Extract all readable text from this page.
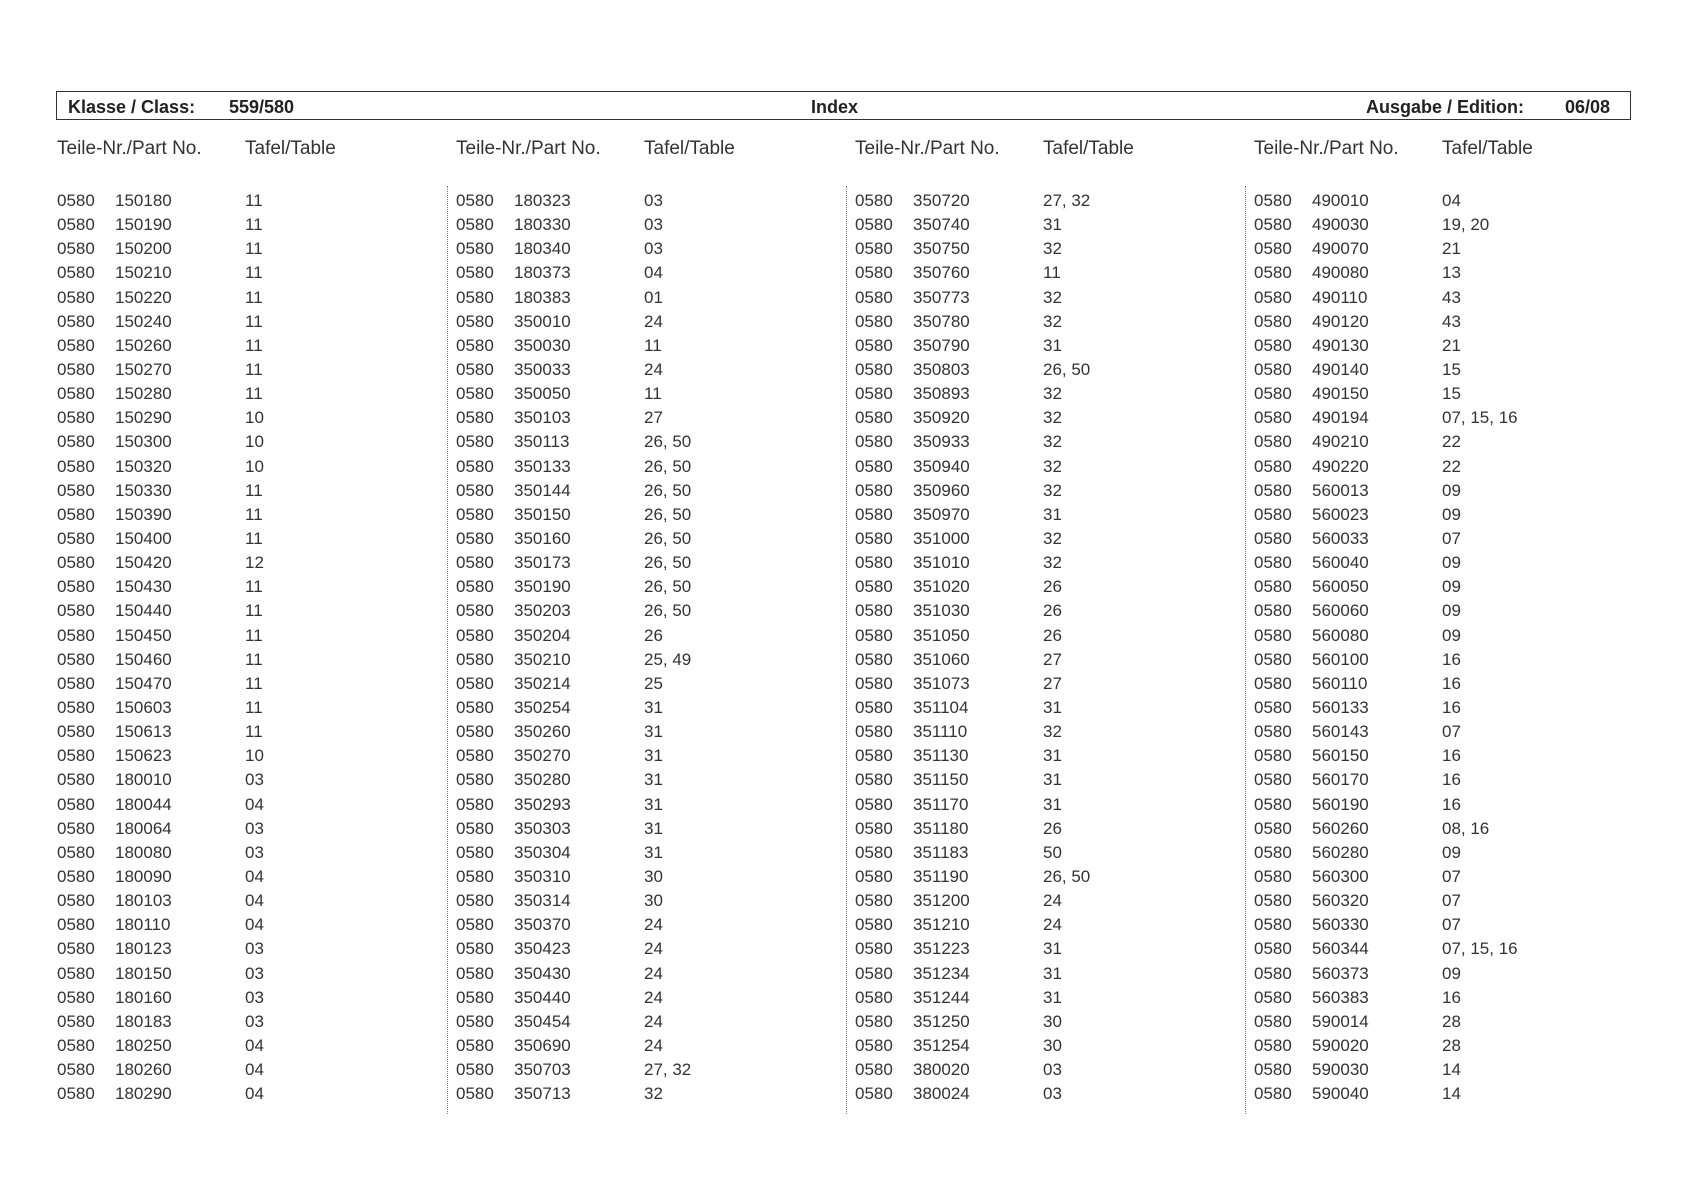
Klasse / Class: 559/580	Index	Ausgabe / Edition: 06/08
Teile-Nr./Part No. Tafel/Table
0580 150180	11
0580 150190	11
0580 150200	11
0580 150210	11
0580 150220	11
0580 150240	11
0580 150260	11
0580 150270	11
0580 150280	11
0580 150290	10
0580 150300	10
0580 150320	10
0580 150330	11
0580 150390	11
0580 150400	11
0580 150420	12
0580 150430	11
0580 150440	11
0580 150450	11
0580 150460	11
0580 150470	11
0580 150603	11
0580 150613	11
0580 150623	10
0580 180010	03
0580 180044	04
0580 180064	03
0580 180080	03
0580 180090	04
0580 180103	04
0580 180110	04
0580 180123	03
0580 180150	03
0580 180160	03
0580 180183	03
0580 180250	04
0580 180260	04
0580 180290	04
Teile-Nr./Part No. Tafel/Table
0580 180323	03
0580 180330	03
0580 180340	03
0580 180373	04
0580 180383	01
0580 350010	24
0580 350030	11
0580 350033	24
0580 350050	11
0580 350103	27
0580 350113	26, 50
0580 350133	26, 50
0580 350144	26, 50
0580 350150	26, 50
0580 350160	26, 50
0580 350173	26, 50
0580 350190	26, 50
0580 350203	26, 50
0580 350204	26
0580 350210	25, 49
0580 350214	25
0580 350254	31
0580 350260	31
0580 350270	31
0580 350280	31
0580 350293	31
0580 350303	31
0580 350304	31
0580 350310	30
0580 350314	30
0580 350370	24
0580 350423	24
0580 350430	24
0580 350440	24
0580 350454	24
0580 350690	24
0580 350703	27, 32
0580 350713	32
Teile-Nr./Part No. Tafel/Table
0580 350720	27, 32
0580 350740	31
0580 350750	32
0580 350760	11
0580 350773	32
0580 350780	32
0580 350790	31
0580 350803	26, 50
0580 350893	32
0580 350920	32
0580 350933	32
0580 350940	32
0580 350960	32
0580 350970	31
0580 351000	32
0580 351010	32
0580 351020	26
0580 351030	26
0580 351050	26
0580 351060	27
0580 351073	27
0580 351104	31
0580 351110	32
0580 351130	31
0580 351150	31
0580 351170	31
0580 351180	26
0580 351183	50
0580 351190	26, 50
0580 351200	24
0580 351210	24
0580 351223	31
0580 351234	31
0580 351244	31
0580 351250	30
0580 351254	30
0580 380020	03
0580 380024	03
Teile-Nr./Part No. Tafel/Table
0580 490010	04
0580 490030	19, 20
0580 490070	21
0580 490080	13
0580 490110	43
0580 490120	43
0580 490130	21
0580 490140	15
0580 490150	15
0580 490194	07, 15, 16
0580 490210	22
0580 490220	22
0580 560013	09
0580 560023	09
0580 560033	07
0580 560040	09
0580 560050	09
0580 560060	09
0580 560080	09
0580 560100	16
0580 560110	16
0580 560133	16
0580 560143	07
0580 560150	16
0580 560170	16
0580 560190	16
0580 560260	08, 16
0580 560280	09
0580 560300	07
0580 560320	07
0580 560330	07
0580 560344	07, 15, 16
0580 560373	09
0580 560383	16
0580 590014	28
0580 590020	28
0580 590030	14
0580 590040	14
